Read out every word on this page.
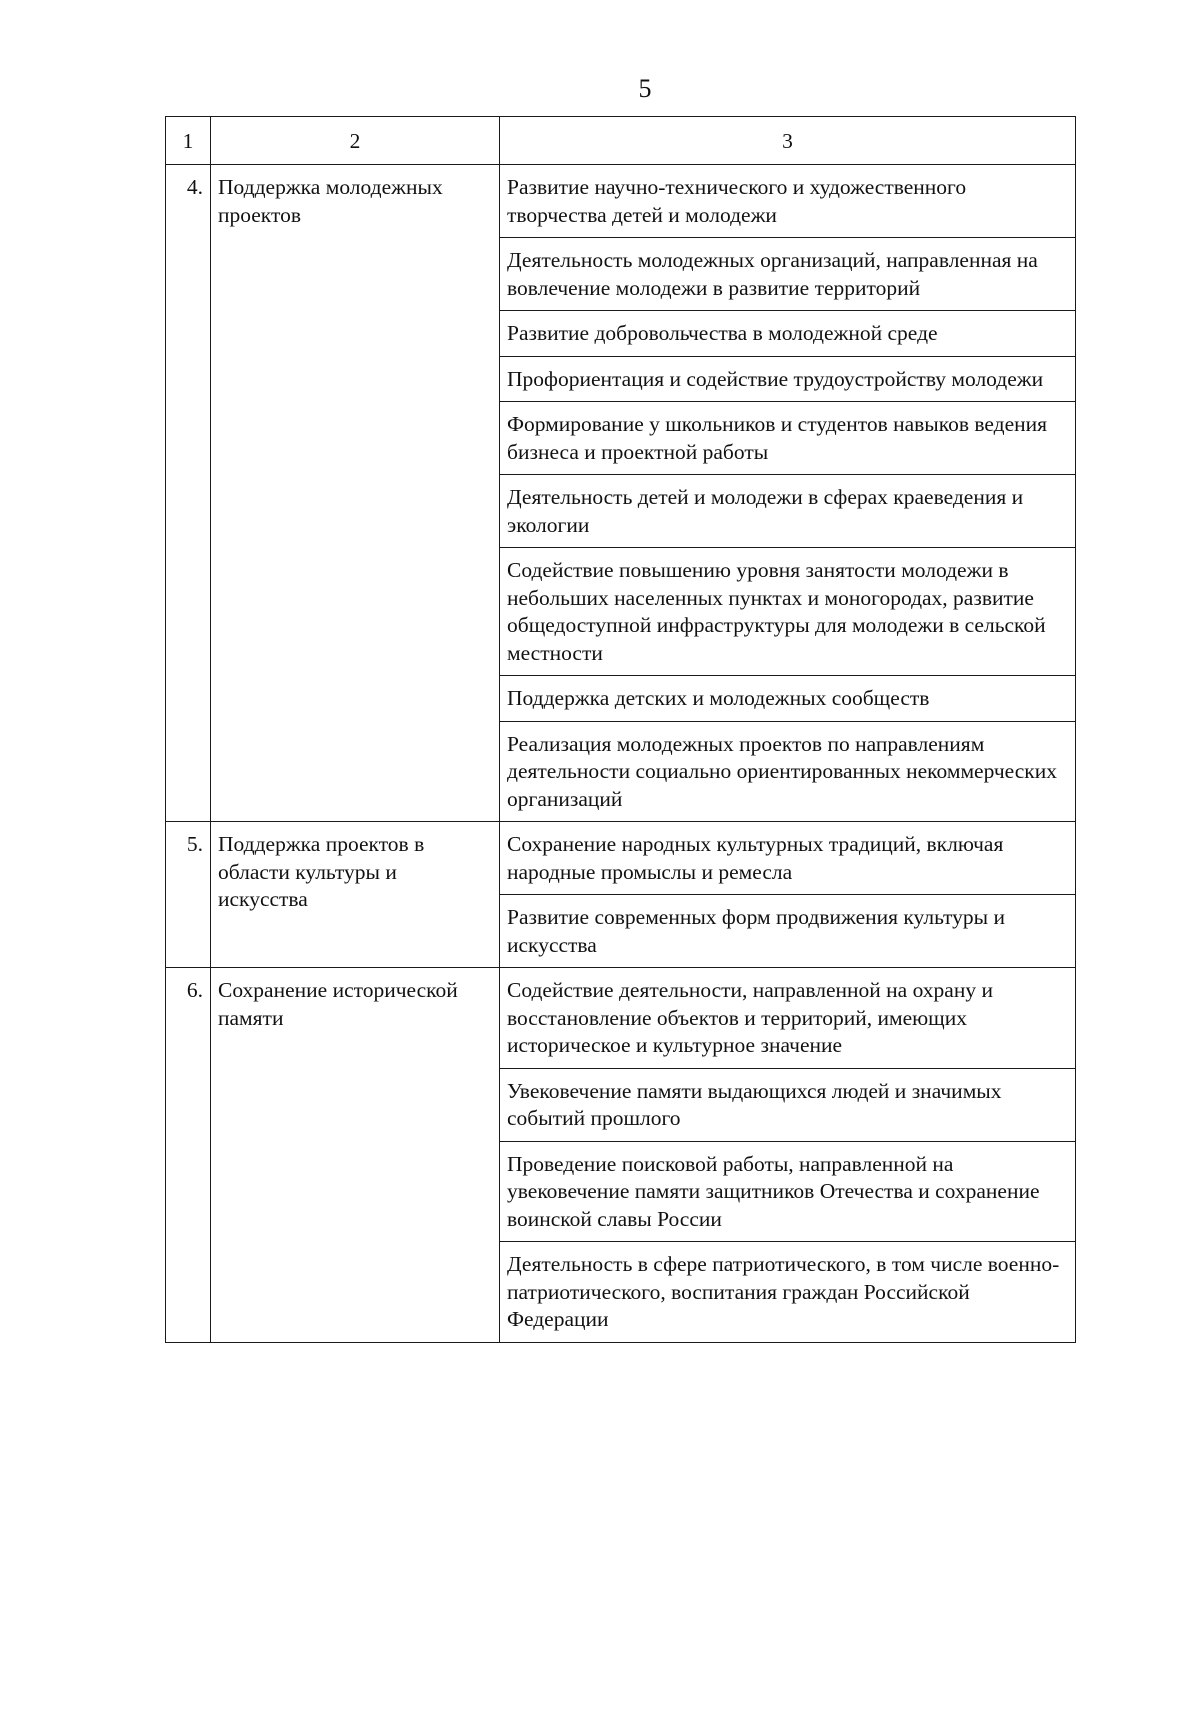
5
1	2	3
4.	Поддержка молодежных проектов	Развитие научно-технического и художественного творчества детей и молодежи
		Деятельность молодежных организаций, направленная на вовлечение молодежи в развитие территорий
		Развитие добровольчества в молодежной среде
		Профориентация и содействие трудоустройству молодежи
		Формирование у школьников и студентов навыков ведения бизнеса и проектной работы
		Деятельность детей и молодежи в сферах краеведения и экологии
		Содействие повышению уровня занятости молодежи в небольших населенных пунктах и моногородах, развитие общедоступной инфраструктуры для молодежи в сельской местности
		Поддержка детских и молодежных сообществ
		Реализация молодежных проектов по направлениям деятельности социально ориентированных некоммерческих организаций
5.	Поддержка проектов в области культуры и искусства	Сохранение народных культурных традиций, включая народные промыслы и ремесла
		Развитие современных форм продвижения культуры и искусства
6.	Сохранение исторической памяти	Содействие деятельности, направленной на охрану и восстановление объектов и территорий, имеющих историческое и культурное значение
		Увековечение памяти выдающихся людей и значимых событий прошлого
		Проведение поисковой работы, направленной на увековечение памяти защитников Отечества и сохранение воинской славы России
		Деятельность в сфере патриотического, в том числе военно-патриотического, воспитания граждан Российской Федерации
